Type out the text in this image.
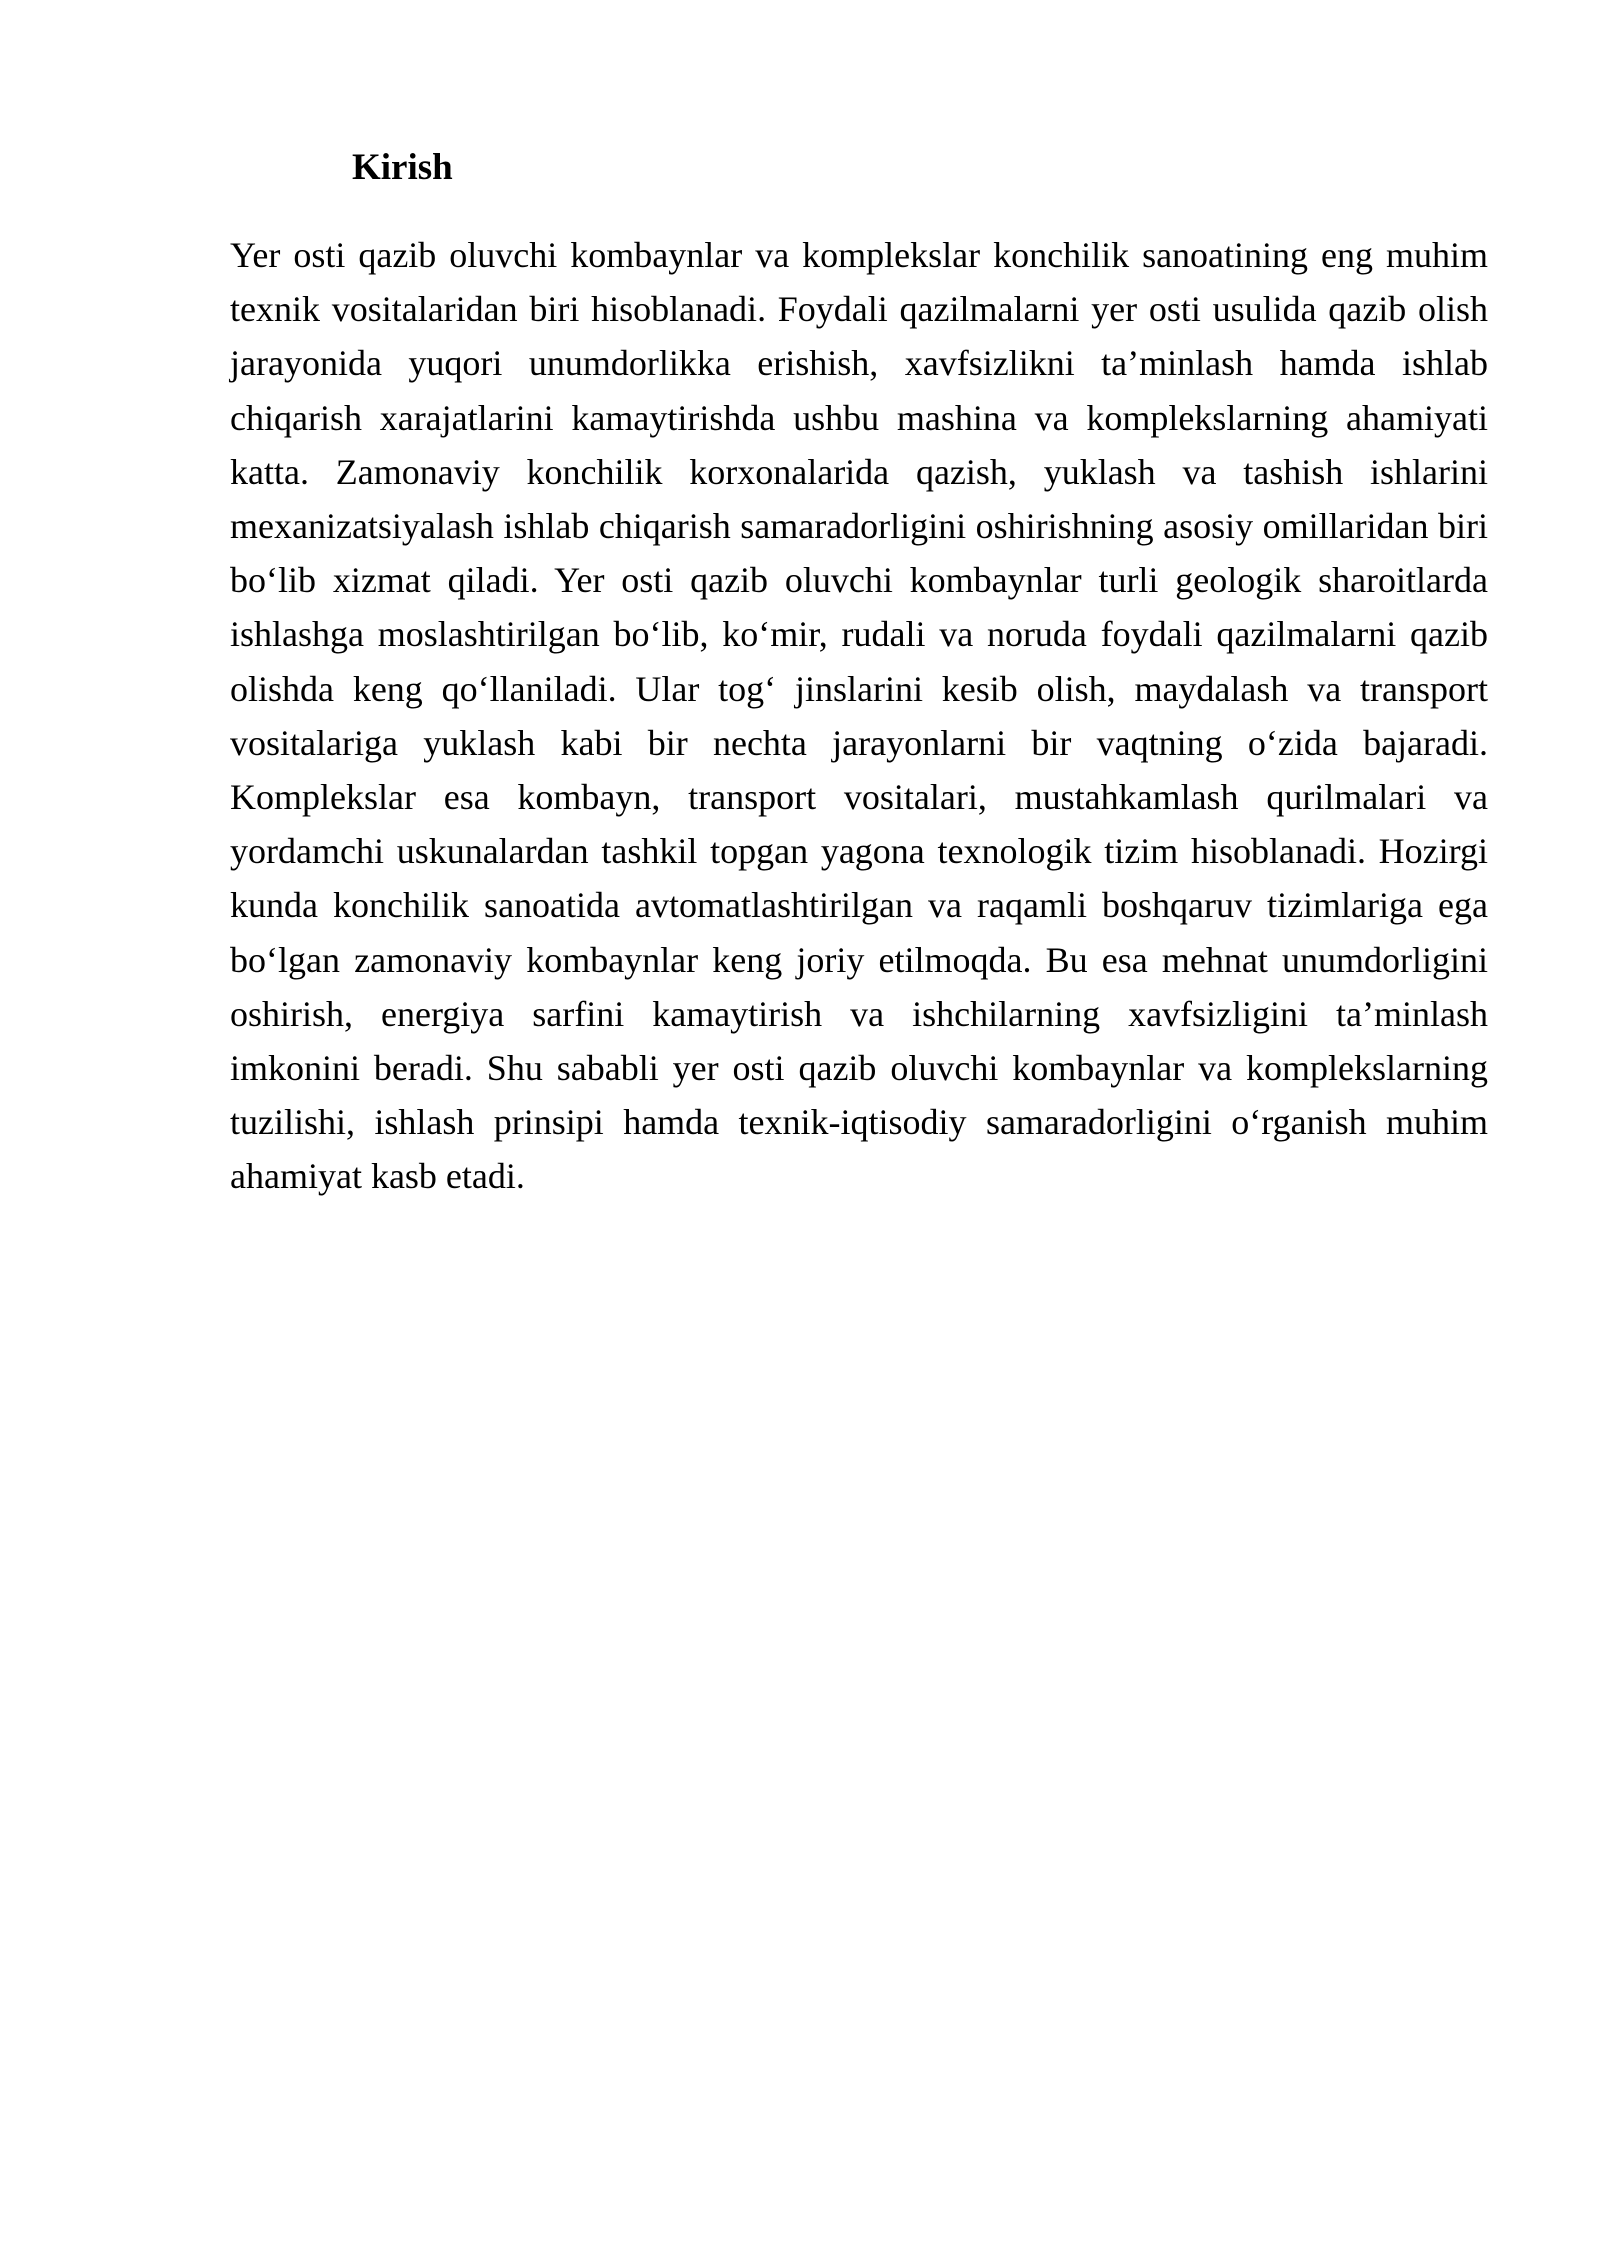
Kirish

Yer osti qazib oluvchi kombaynlar va komplekslar konchilik sanoatining eng muhim texnik vositalaridan biri hisoblanadi. Foydali qazilmalarni yer osti usulida qazib olish jarayonida yuqori unumdorlikka erishish, xavfsizlikni ta’minlash hamda ishlab chiqarish xarajatlarini kamaytirishda ushbu mashina va komplekslarning ahamiyati katta. Zamonaviy konchilik korxonalarida qazish, yuklash va tashish ishlarini mexanizatsiyalash ishlab chiqarish samaradorligini oshirishning asosiy omillaridan biri bo‘lib xizmat qiladi. Yer osti qazib oluvchi kombaynlar turli geologik sharoitlarda ishlashga moslashtirilgan bo‘lib, ko‘mir, rudali va noruda foydali qazilmalarni qazib olishda keng qo‘llaniladi. Ular tog‘ jinslarini kesib olish, maydalash va transport vositalariga yuklash kabi bir nechta jarayonlarni bir vaqtning o‘zida bajaradi. Komplekslar esa kombayn, transport vositalari, mustahkamlash qurilmalari va yordamchi uskunalardan tashkil topgan yagona texnologik tizim hisoblanadi. Hozirgi kunda konchilik sanoatida avtomatlashtirilgan va raqamli boshqaruv tizimlariga ega bo‘lgan zamonaviy kombaynlar keng joriy etilmoqda. Bu esa mehnat unumdorligini oshirish, energiya sarfini kamaytirish va ishchilarning xavfsizligini ta’minlash imkonini beradi. Shu sababli yer osti qazib oluvchi kombaynlar va komplekslarning tuzilishi, ishlash prinsipi hamda texnik-iqtisodiy samaradorligini o‘rganish muhim ahamiyat kasb etadi.
